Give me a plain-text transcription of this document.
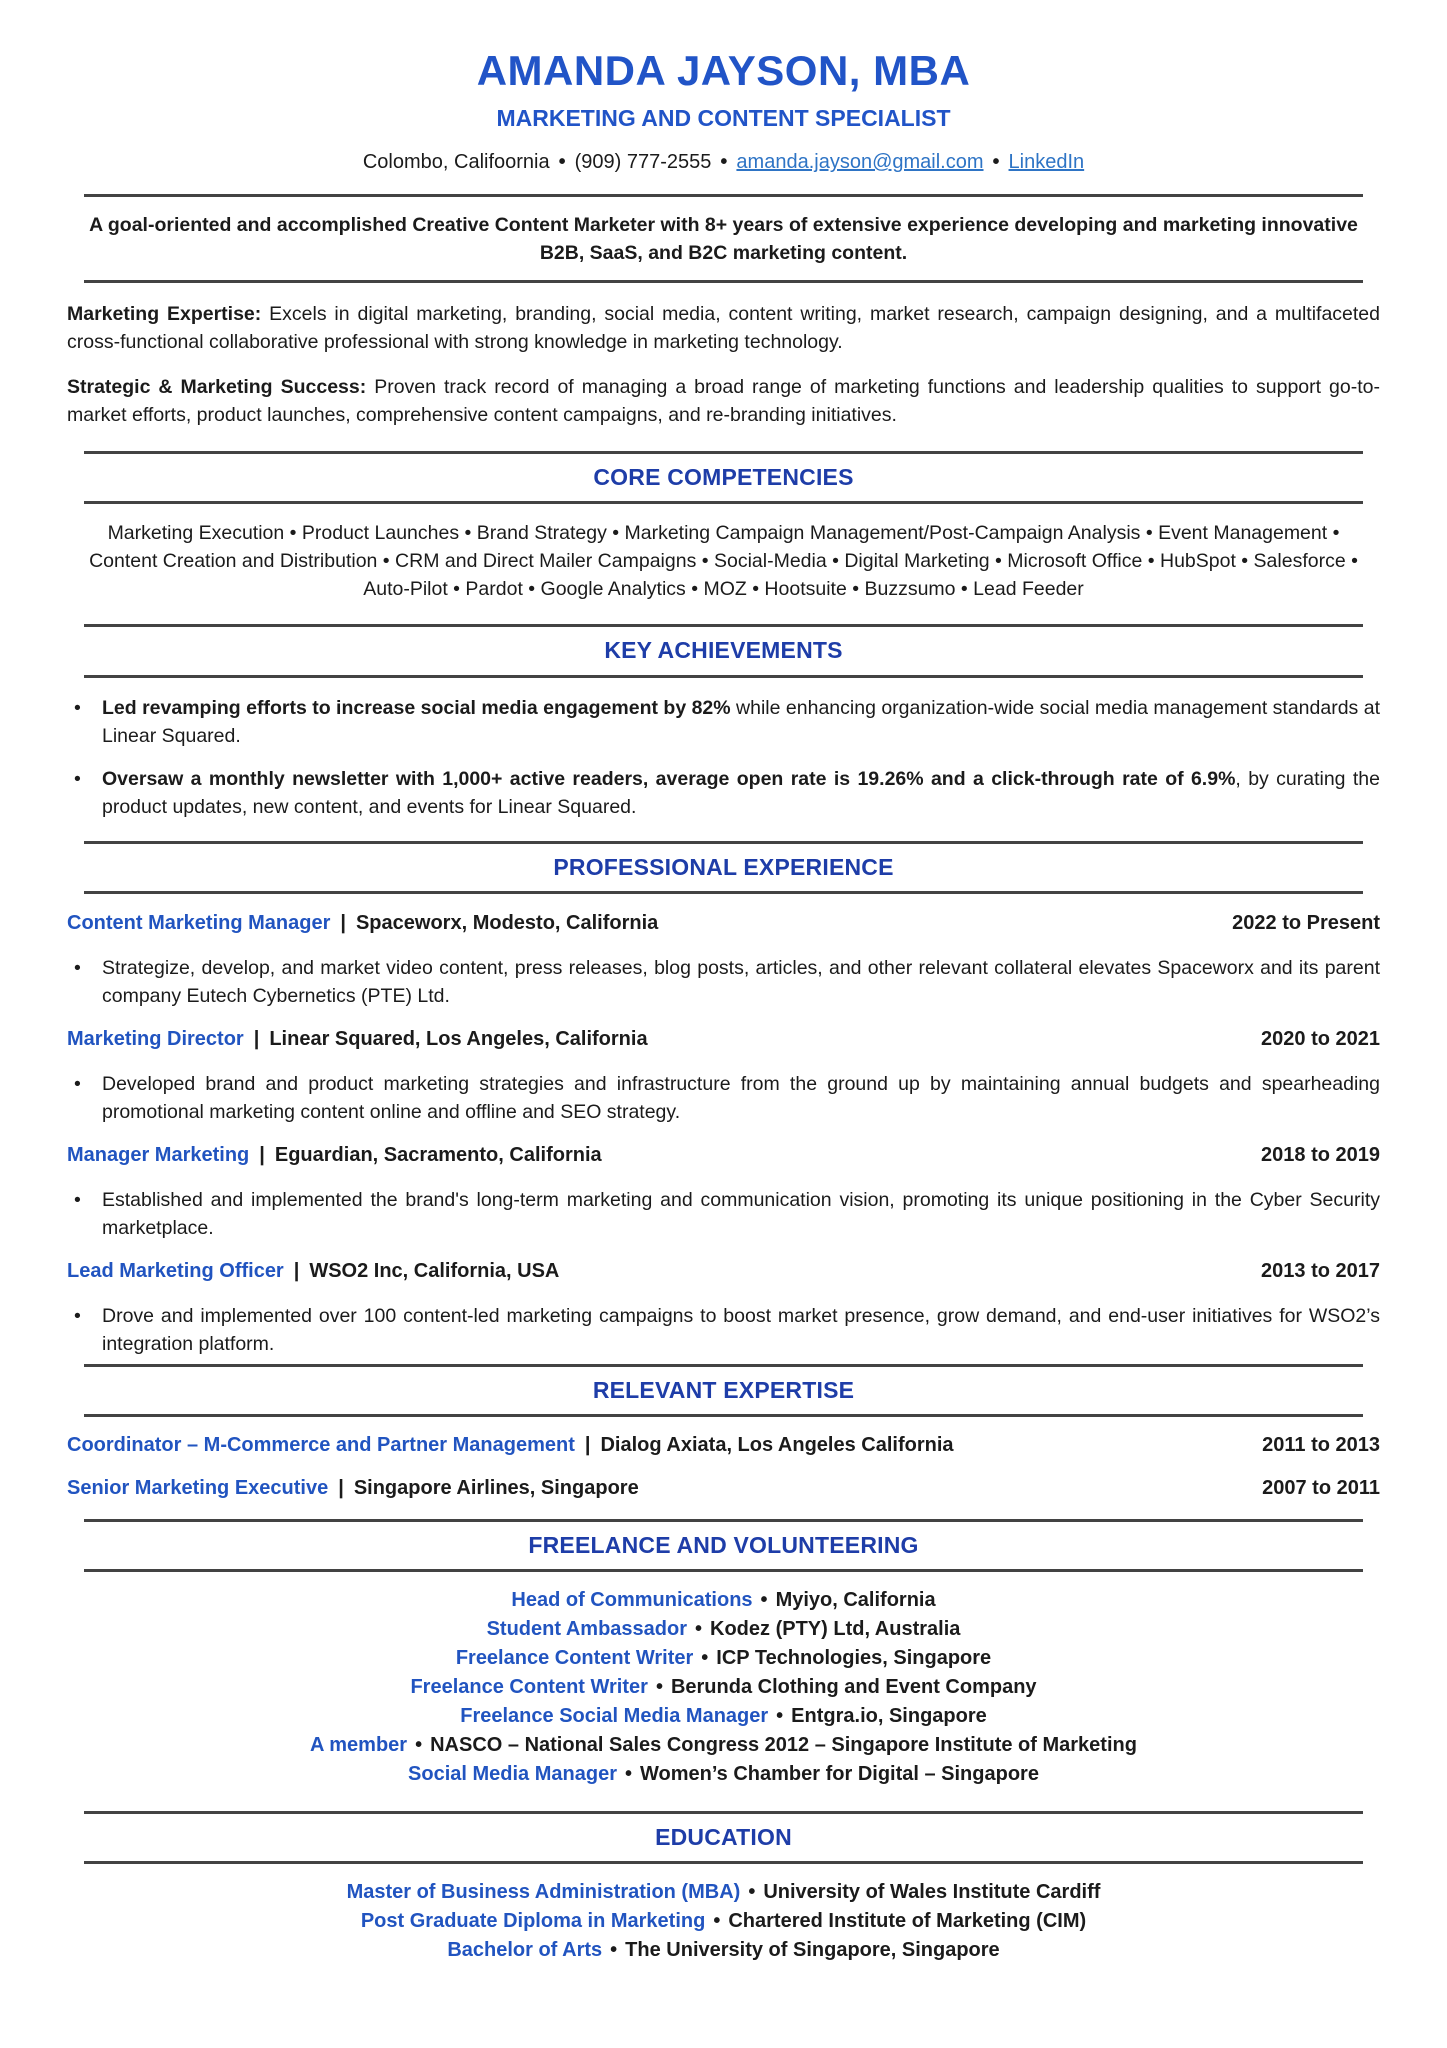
AMANDA JAYSON, MBA
MARKETING AND CONTENT SPECIALIST
Colombo, Califoornia • (909) 777-2555 • amanda.jayson@gmail.com • LinkedIn

A goal-oriented and accomplished Creative Content Marketer with 8+ years of extensive experience developing and marketing innovative B2B, SaaS, and B2C marketing content.

Marketing Expertise: Excels in digital marketing, branding, social media, content writing, market research, campaign designing, and a multifaceted cross-functional collaborative professional with strong knowledge in marketing technology.

Strategic & Marketing Success: Proven track record of managing a broad range of marketing functions and leadership qualities to support go-to-market efforts, product launches, comprehensive content campaigns, and re-branding initiatives.

CORE COMPETENCIES

Marketing Execution • Product Launches • Brand Strategy • Marketing Campaign Management/Post-Campaign Analysis • Event Management • Content Creation and Distribution • CRM and Direct Mailer Campaigns • Social-Media • Digital Marketing • Microsoft Office • HubSpot • Salesforce • Auto-Pilot • Pardot • Google Analytics • MOZ • Hootsuite • Buzzsumo • Lead Feeder

KEY ACHIEVEMENTS
•	Led revamping efforts to increase social media engagement by 82% while enhancing organization-wide social media management standards at Linear Squared.
•	Oversaw a monthly newsletter with 1,000+ active readers, average open rate is 19.26% and a click-through rate of 6.9%, by curating the product updates, new content, and events for Linear Squared.
PROFESSIONAL EXPERIENCE
Content Marketing Manager | Spaceworx, Modesto, California	2022 to Present
•	Strategize, develop, and market video content, press releases, blog posts, articles, and other relevant collateral elevates Spaceworx and its parent company Eutech Cybernetics (PTE) Ltd.
Marketing Director | Linear Squared, Los Angeles, California	2020 to 2021
•	Developed brand and product marketing strategies and infrastructure from the ground up by maintaining annual budgets and spearheading promotional marketing content online and offline and SEO strategy.
Manager Marketing | Eguardian, Sacramento, California	2018 to 2019
•	Established and implemented the brand's long-term marketing and communication vision, promoting its unique positioning in the Cyber Security marketplace.
Lead Marketing Officer | WSO2 Inc, California, USA	2013 to 2017
•	Drove and implemented over 100 content-led marketing campaigns to boost market presence, grow demand, and end-user initiatives for WSO2’s integration platform.
RELEVANT EXPERTISE
Coordinator – M-Commerce and Partner Management | Dialog Axiata, Los Angeles California	2011 to 2013
Senior Marketing Executive | Singapore Airlines, Singapore	2007 to 2011
FREELANCE AND VOLUNTEERING

Head of Communications • Myiyo, California

Student Ambassador • Kodez (PTY) Ltd, Australia

Freelance Content Writer • ICP Technologies, Singapore

Freelance Content Writer • Berunda Clothing and Event Company

Freelance Social Media Manager • Entgra.io, Singapore

A member • NASCO – National Sales Congress 2012 – Singapore Institute of Marketing

Social Media Manager • Women’s Chamber for Digital – Singapore

EDUCATION

Master of Business Administration (MBA) • University of Wales Institute Cardiff

Post Graduate Diploma in Marketing • Chartered Institute of Marketing (CIM)

Bachelor of Arts • The University of Singapore, Singapore
